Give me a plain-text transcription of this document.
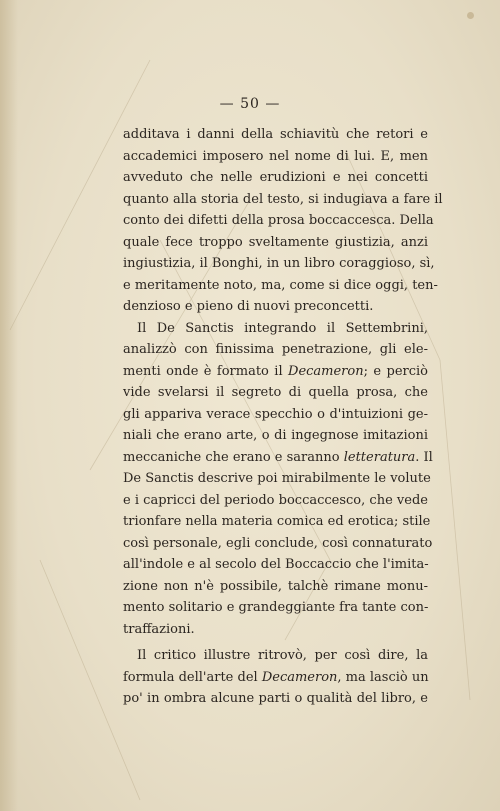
— 50 —
additava i danni della schiavitù che retori e
accademici imposero nel nome di lui. E, men
avveduto che nelle erudizioni e nei concetti
quanto alla storia del testo, si indugiava a fare il
conto dei difetti della prosa boccaccesca. Della
quale fece troppo sveltamente giustizia, anzi
ingiustizia, il Bonghi, in un libro coraggioso, sì,
e meritamente noto, ma, come si dice oggi, ten-
denzioso e pieno di nuovi preconcetti.
Il De Sanctis integrando il Settembrini,
analizzò con finissima penetrazione, gli ele-
menti onde è formato il Decameron; e perciò
vide svelarsi il segreto di quella prosa, che
gli appariva verace specchio o d'intuizioni ge-
niali che erano arte, o di ingegnose imitazioni
meccaniche che erano e saranno letteratura. Il
De Sanctis descrive poi mirabilmente le volute
e i capricci del periodo boccaccesco, che vede
trionfare nella materia comica ed erotica; stile
così personale, egli conclude, così connaturato
all'indole e al secolo del Boccaccio che l'imita-
zione non n'è possibile, talchè rimane monu-
mento solitario e grandeggiante fra tante con-
traffazioni.
Il critico illustre ritrovò, per così dire, la
formula dell'arte del Decameron, ma lasciò un
po' in ombra alcune parti o qualità del libro, e
